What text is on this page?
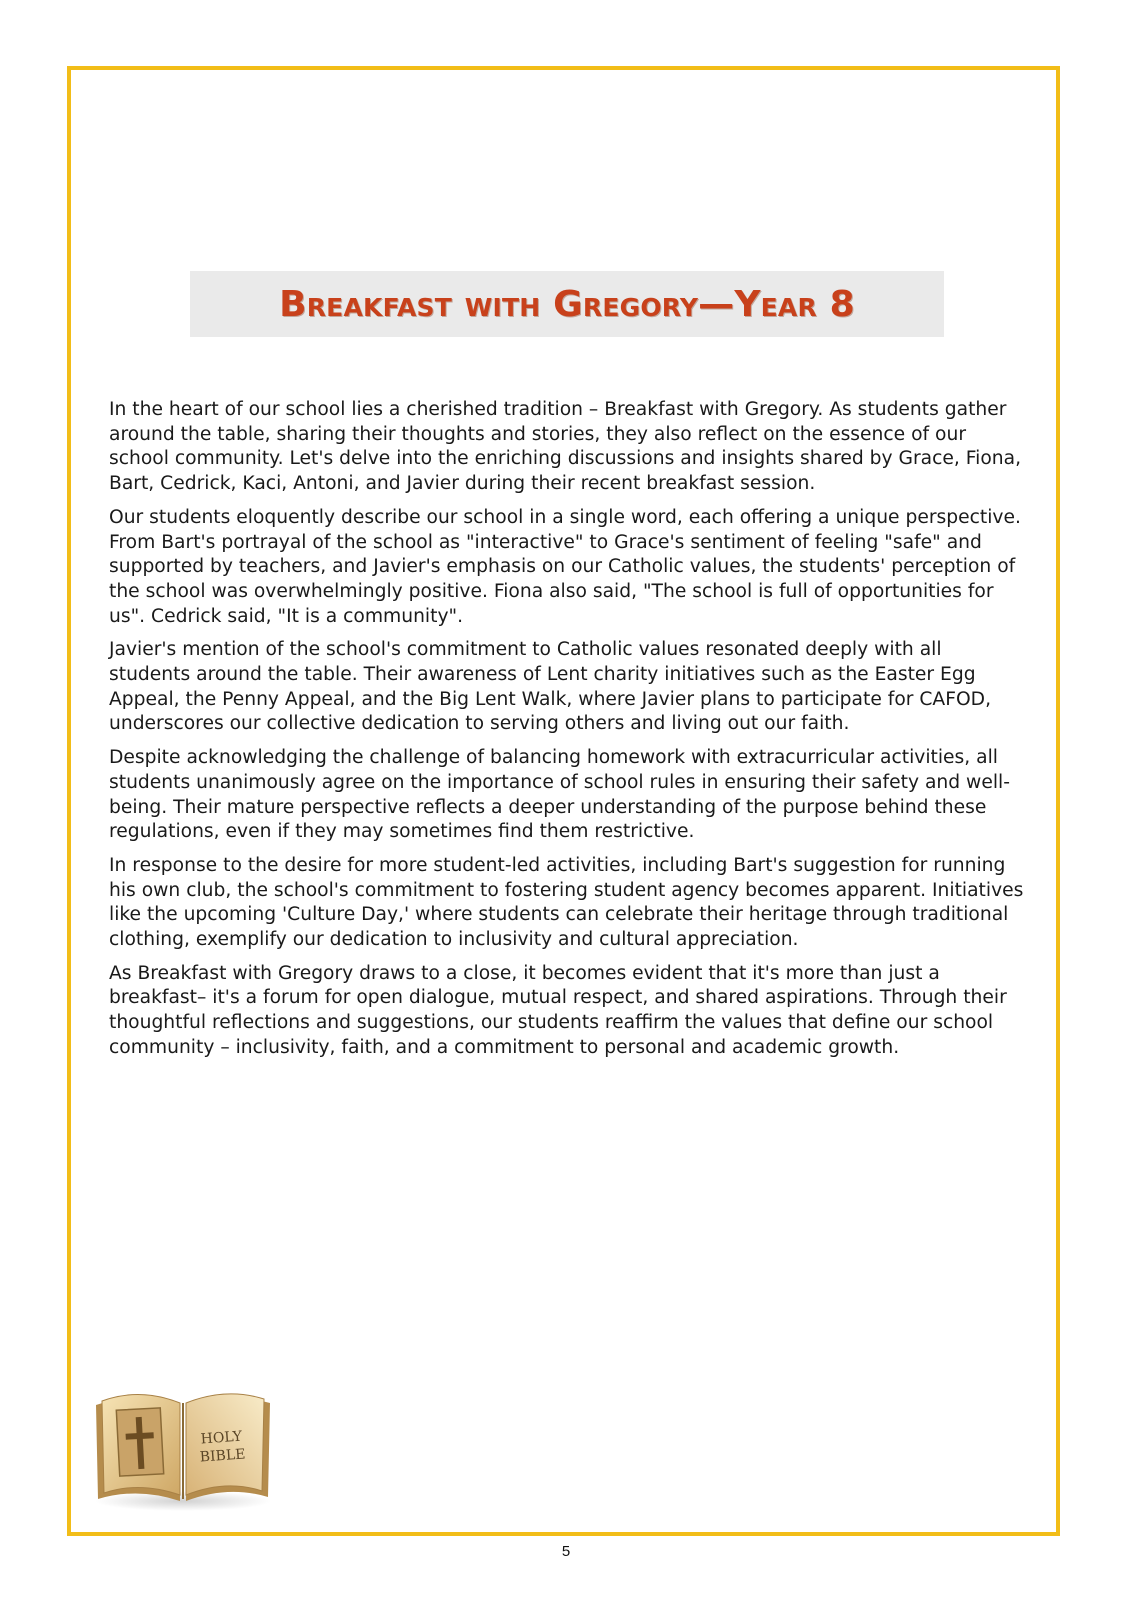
Breakfast with Gregory—Year 8

In the heart of our school lies a cherished tradition – Breakfast with Gregory. As students gather around the table, sharing their thoughts and stories, they also reflect on the essence of our school community. Let's delve into the enriching discussions and insights shared by Grace, Fiona, Bart, Cedrick, Kaci, Antoni, and Javier during their recent breakfast session.

Our students eloquently describe our school in a single word, each offering a unique perspective. From Bart's portrayal of the school as "interactive" to Grace's sentiment of feeling "safe" and supported by teachers, and Javier's emphasis on our Catholic values, the students' perception of the school was overwhelmingly positive. Fiona also said, "The school is full of opportunities for us". Cedrick said, "It is a community".

Javier's mention of the school's commitment to Catholic values resonated deeply with all students around the table. Their awareness of Lent charity initiatives such as the Easter Egg Appeal, the Penny Appeal, and the Big Lent Walk, where Javier plans to participate for CAFOD, underscores our collective dedication to serving others and living out our faith.

Despite acknowledging the challenge of balancing homework with extracurricular activities, all students unanimously agree on the importance of school rules in ensuring their safety and well-being. Their mature perspective reflects a deeper understanding of the purpose behind these regulations, even if they may sometimes find them restrictive.

In response to the desire for more student-led activities, including Bart's suggestion for running his own club, the school's commitment to fostering student agency becomes apparent. Initiatives like the upcoming 'Culture Day,' where students can celebrate their heritage through traditional clothing, exemplify our dedication to inclusivity and cultural appreciation.

As Breakfast with Gregory draws to a close, it becomes evident that it's more than just a breakfast– it's a forum for open dialogue, mutual respect, and shared aspirations. Through their thoughtful reflections and suggestions, our students reaffirm the values that define our school community – inclusivity, faith, and a commitment to personal and academic growth.

HOLY
BIBLE
5
